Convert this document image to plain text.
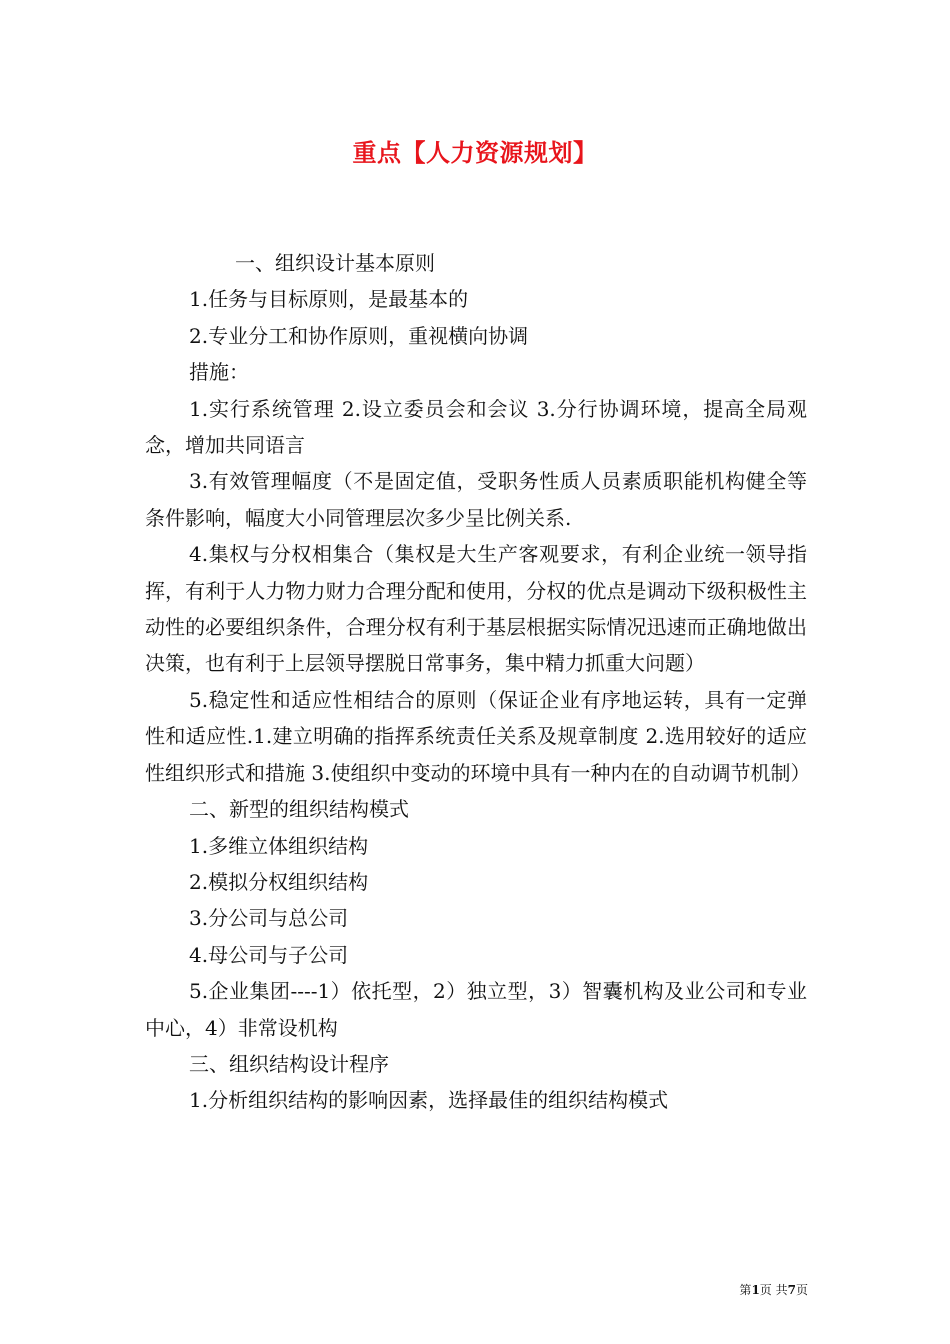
重点【人力资源规划】

一、组织设计基本原则

1.任务与目标原则，是最基本的

2.专业分工和协作原则，重视横向协调

措施：

1.实行系统管理 2.设立委员会和会议 3.分行协调环境，提高全局观念，增加共同语言

3.有效管理幅度（不是固定值，受职务性质人员素质职能机构健全等条件影响，幅度大小同管理层次多少呈比例关系.

4.集权与分权相集合（集权是大生产客观要求，有利企业统一领导指挥，有利于人力物力财力合理分配和使用，分权的优点是调动下级积极性主动性的必要组织条件，合理分权有利于基层根据实际情况迅速而正确地做出决策，也有利于上层领导摆脱日常事务，集中精力抓重大问题）

5.稳定性和适应性相结合的原则（保证企业有序地运转，具有一定弹性和适应性.1.建立明确的指挥系统责任关系及规章制度 2.选用较好的适应性组织形式和措施 3.使组织中变动的环境中具有一种内在的自动调节机制）

二、新型的组织结构模式

1.多维立体组织结构

2.模拟分权组织结构

3.分公司与总公司

4.母公司与子公司

5.企业集团----1）依托型，2）独立型，3）智囊机构及业公司和专业中心，4）非常设机构

三、组织结构设计程序

1.分析组织结构的影响因素，选择最佳的组织结构模式

第1页 共7页
